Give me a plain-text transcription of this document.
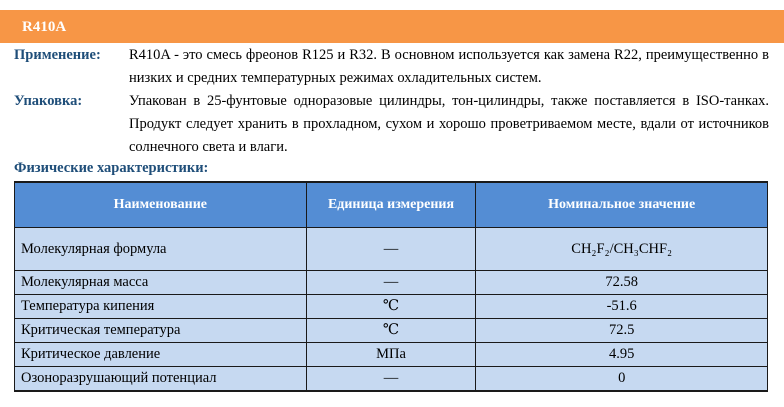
R410A
Применение: R410A - это смесь фреонов R125 и R32. В основном используется как замена R22, преимущественно в низких и средних температурных режимах охладительных систем.
Упаковка:	Упакован в 25-фунтовые одноразовые цилиндры, тон-цилиндры, также поставляется в ISO-танках. Продукт следует хранить в прохладном, сухом и хорошо проветриваемом месте, вдали от источников солнечного света и влаги.
Физические характеристики:
Наименование	Единица измерения	Номинальное значение
Молекулярная формула	—	CH₂F₂/CH₃CHF₂
Молекулярная масса	—	72.58
Температура кипения	℃	-51.6
Критическая температура	℃	72.5
Критическое давление	МПа	4.95
Озоноразрушающий потенциал	—	0
